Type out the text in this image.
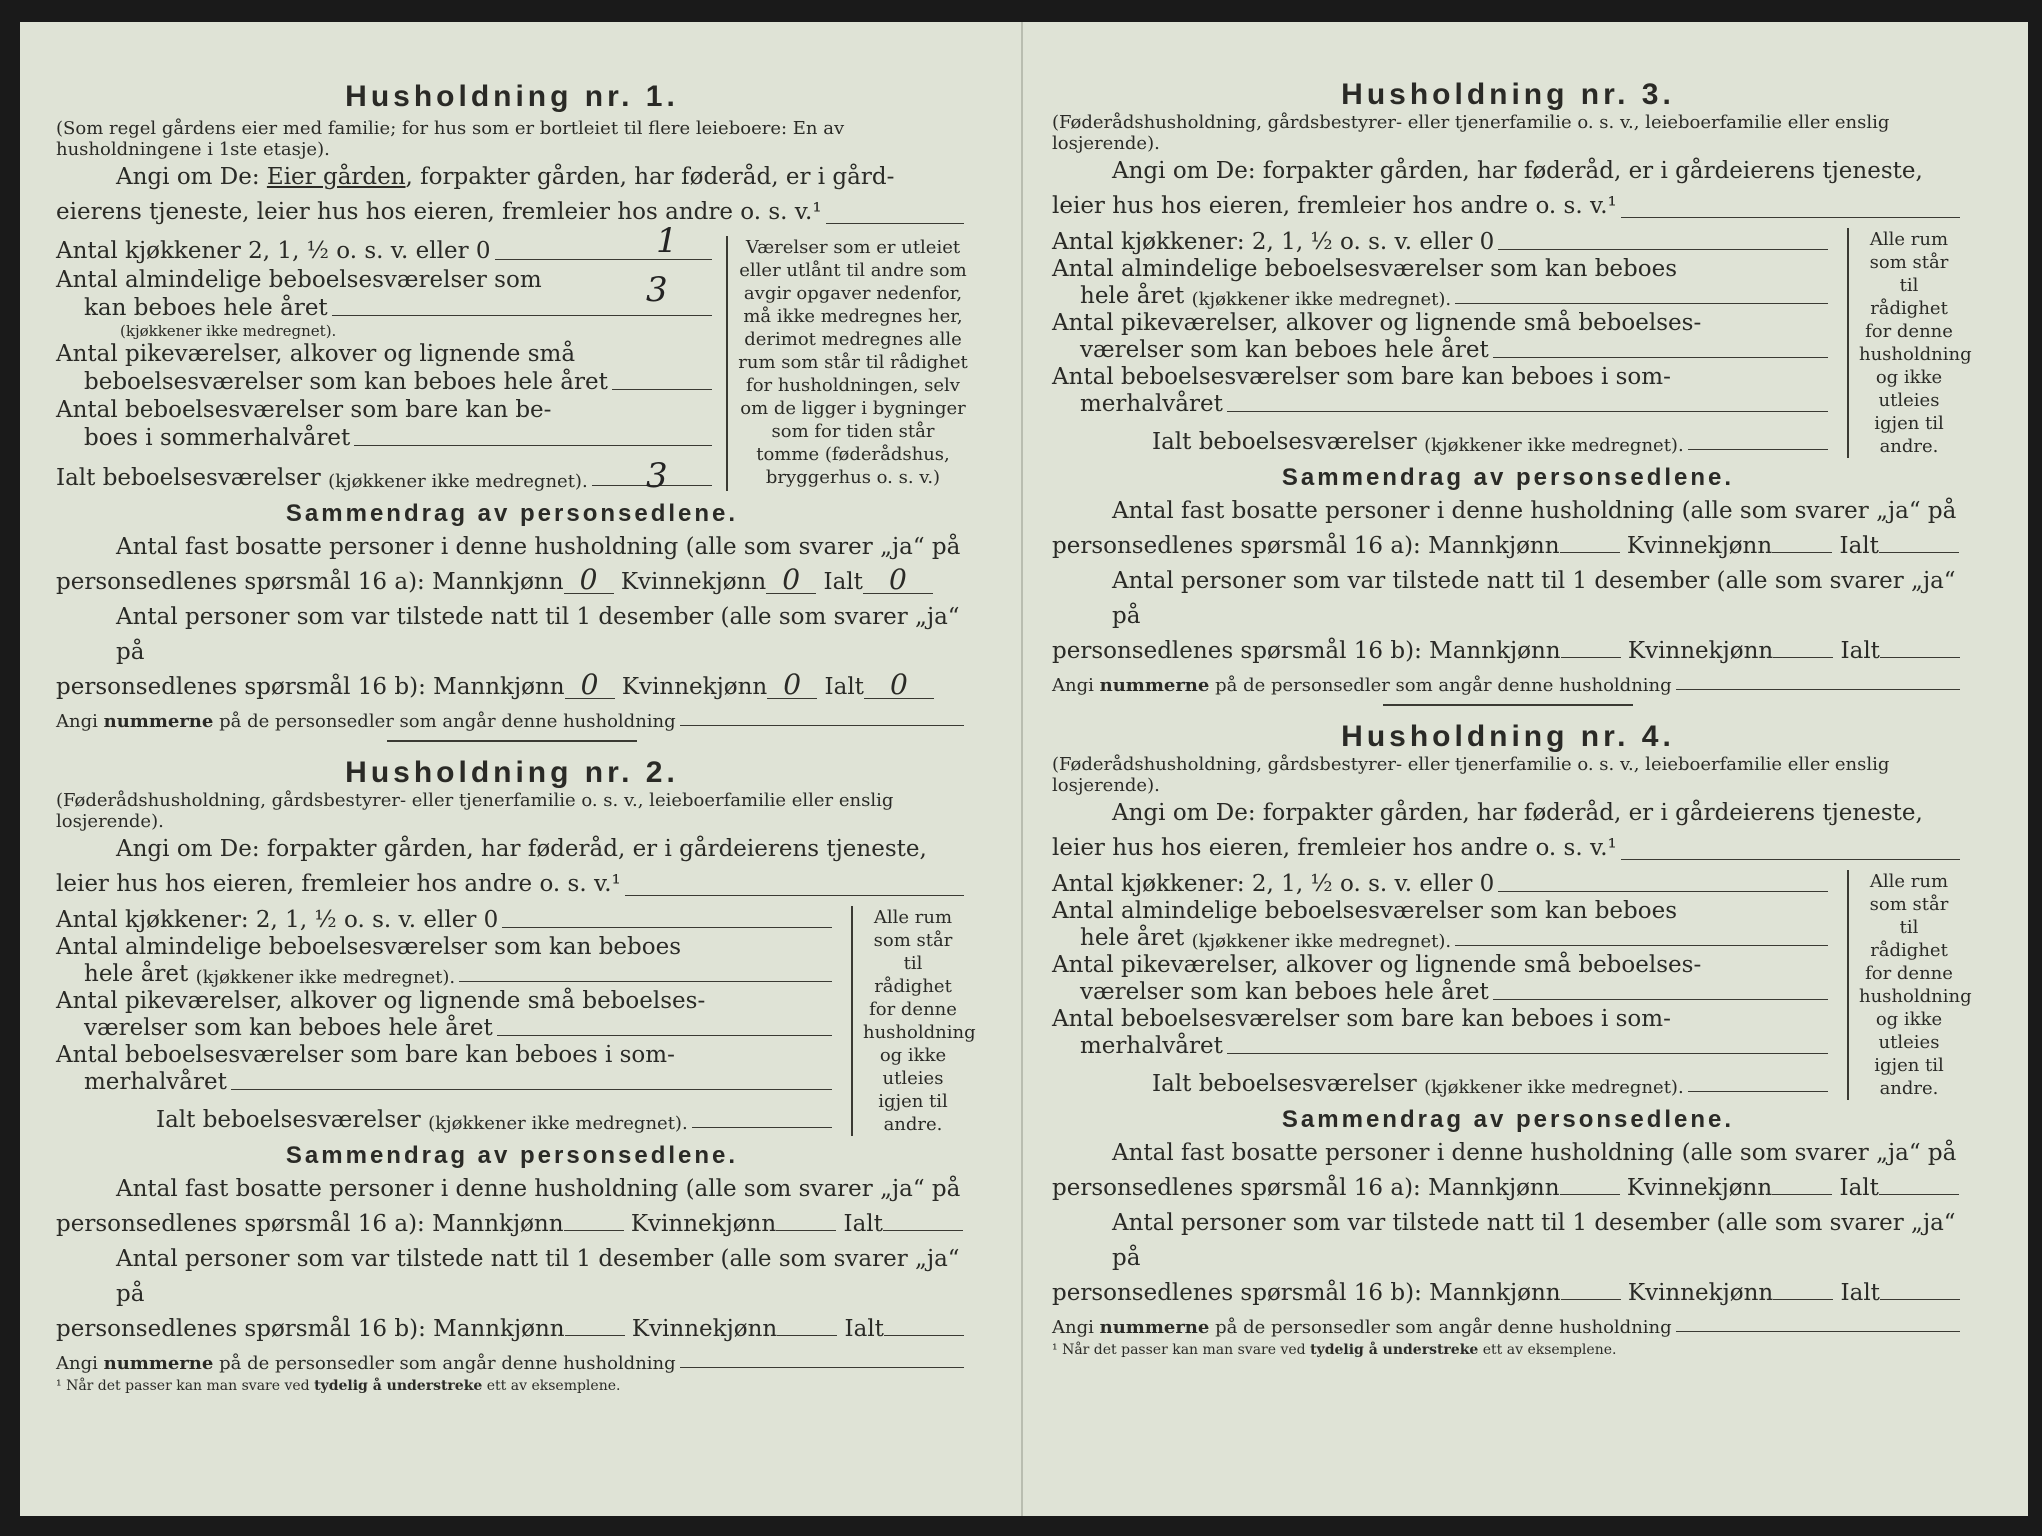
Husholdning nr. 1.
(Som regel gårdens eier med familie; for hus som er bortleiet til flere leieboere: En av husholdningene i 1ste etasje).
Angi om De: Eier gården, forpakter gården, har føderåd, er i gård-
eierens tjeneste, leier hus hos eieren, fremleier hos andre o. s. v.¹
Antal kjøkkener 2, 1, ½ o. s. v. eller 0	1
Antal almindelige beboelsesværelser som
kan beboes hele året	3
(kjøkkener ikke medregnet).
Antal pikeværelser, alkover og lignende små
beboelsesværelser som kan beboes hele året
Antal beboelsesværelser som bare kan be-
boes i sommerhalvåret
Ialt beboelsesværelser
(kjøkkener ikke medregnet). 3
Værelser som er utleiet eller utlånt til andre som avgir opgaver nedenfor, må ikke medregnes her, derimot medregnes alle rum som står til rådighet for husholdningen, selv om de ligger i bygninger som for tiden står tomme (føderådshus, bryggerhus o. s. v.)
Sammendrag av personsedlene.
Antal fast bosatte personer i denne husholdning (alle som svarer „ja“ på
personsedlenes spørsmål 16 a): Mannkjønn 0 Kvinnekjønn 0 Ialt 0
Antal personer som var tilstede natt til 1 desember (alle som svarer „ja“ på
personsedlenes spørsmål 16 b): Mannkjønn 0 Kvinnekjønn 0 Ialt 0
Angi
nummerne
på de personsedler som angår denne husholdning
Husholdning nr. 2.
(Føderådshusholdning, gårdsbestyrer- eller tjenerfamilie o. s. v., leieboerfamilie eller enslig losjerende).
Angi om De: forpakter gården, har føderåd, er i gårdeierens tjeneste,
leier hus hos eieren, fremleier hos andre o. s. v.¹
Antal kjøkkener: 2, 1, ½ o. s. v. eller 0
Antal almindelige beboelsesværelser som kan beboes
hele året
(kjøkkener ikke medregnet).
Antal pikeværelser, alkover og lignende små beboelses-
værelser som kan beboes hele året
Antal beboelsesværelser som bare kan beboes i som-
merhalvåret
Ialt beboelsesværelser
(kjøkkener ikke medregnet).
Alle rum som står til rådighet for denne husholdning og ikke utleies igjen til andre.
Sammendrag av personsedlene.
Antal fast bosatte personer i denne husholdning (alle som svarer „ja“ på
personsedlenes spørsmål 16 a): Mannkjønn	Kvinnekjønn	Ialt
Antal personer som var tilstede natt til 1 desember (alle som svarer „ja“ på
personsedlenes spørsmål 16 b): Mannkjønn	Kvinnekjønn	Ialt
Angi
nummerne
på de personsedler som angår denne husholdning
¹ Når det passer kan man svare ved tydelig å understreke ett av eksemplene.
Husholdning nr. 3.
(Føderådshusholdning, gårdsbestyrer- eller tjenerfamilie o. s. v., leieboerfamilie eller enslig losjerende).
Angi om De: forpakter gården, har føderåd, er i gårdeierens tjeneste,
leier hus hos eieren, fremleier hos andre o. s. v.¹
Antal kjøkkener: 2, 1, ½ o. s. v. eller 0
Antal almindelige beboelsesværelser som kan beboes
hele året
(kjøkkener ikke medregnet).
Antal pikeværelser, alkover og lignende små beboelses-
værelser som kan beboes hele året
Antal beboelsesværelser som bare kan beboes i som-
merhalvåret
Ialt beboelsesværelser
(kjøkkener ikke medregnet).
Alle rum som står til rådighet for denne husholdning og ikke utleies igjen til andre.
Sammendrag av personsedlene.
Antal fast bosatte personer i denne husholdning (alle som svarer „ja“ på
personsedlenes spørsmål 16 a): Mannkjønn	Kvinnekjønn	Ialt
Antal personer som var tilstede natt til 1 desember (alle som svarer „ja“ på
personsedlenes spørsmål 16 b): Mannkjønn	Kvinnekjønn	Ialt
Angi
nummerne
på de personsedler som angår denne husholdning
Husholdning nr. 4.
(Føderådshusholdning, gårdsbestyrer- eller tjenerfamilie o. s. v., leieboerfamilie eller enslig losjerende).
Angi om De: forpakter gården, har føderåd, er i gårdeierens tjeneste,
leier hus hos eieren, fremleier hos andre o. s. v.¹
Antal kjøkkener: 2, 1, ½ o. s. v. eller 0
Antal almindelige beboelsesværelser som kan beboes
hele året
(kjøkkener ikke medregnet).
Antal pikeværelser, alkover og lignende små beboelses-
værelser som kan beboes hele året
Antal beboelsesværelser som bare kan beboes i som-
merhalvåret
Ialt beboelsesværelser
(kjøkkener ikke medregnet).
Alle rum som står til rådighet for denne husholdning og ikke utleies igjen til andre.
Sammendrag av personsedlene.
Antal fast bosatte personer i denne husholdning (alle som svarer „ja“ på
personsedlenes spørsmål 16 a): Mannkjønn	Kvinnekjønn	Ialt
Antal personer som var tilstede natt til 1 desember (alle som svarer „ja“ på
personsedlenes spørsmål 16 b): Mannkjønn	Kvinnekjønn	Ialt
Angi
nummerne
på de personsedler som angår denne husholdning
¹ Når det passer kan man svare ved tydelig å understreke ett av eksemplene.
